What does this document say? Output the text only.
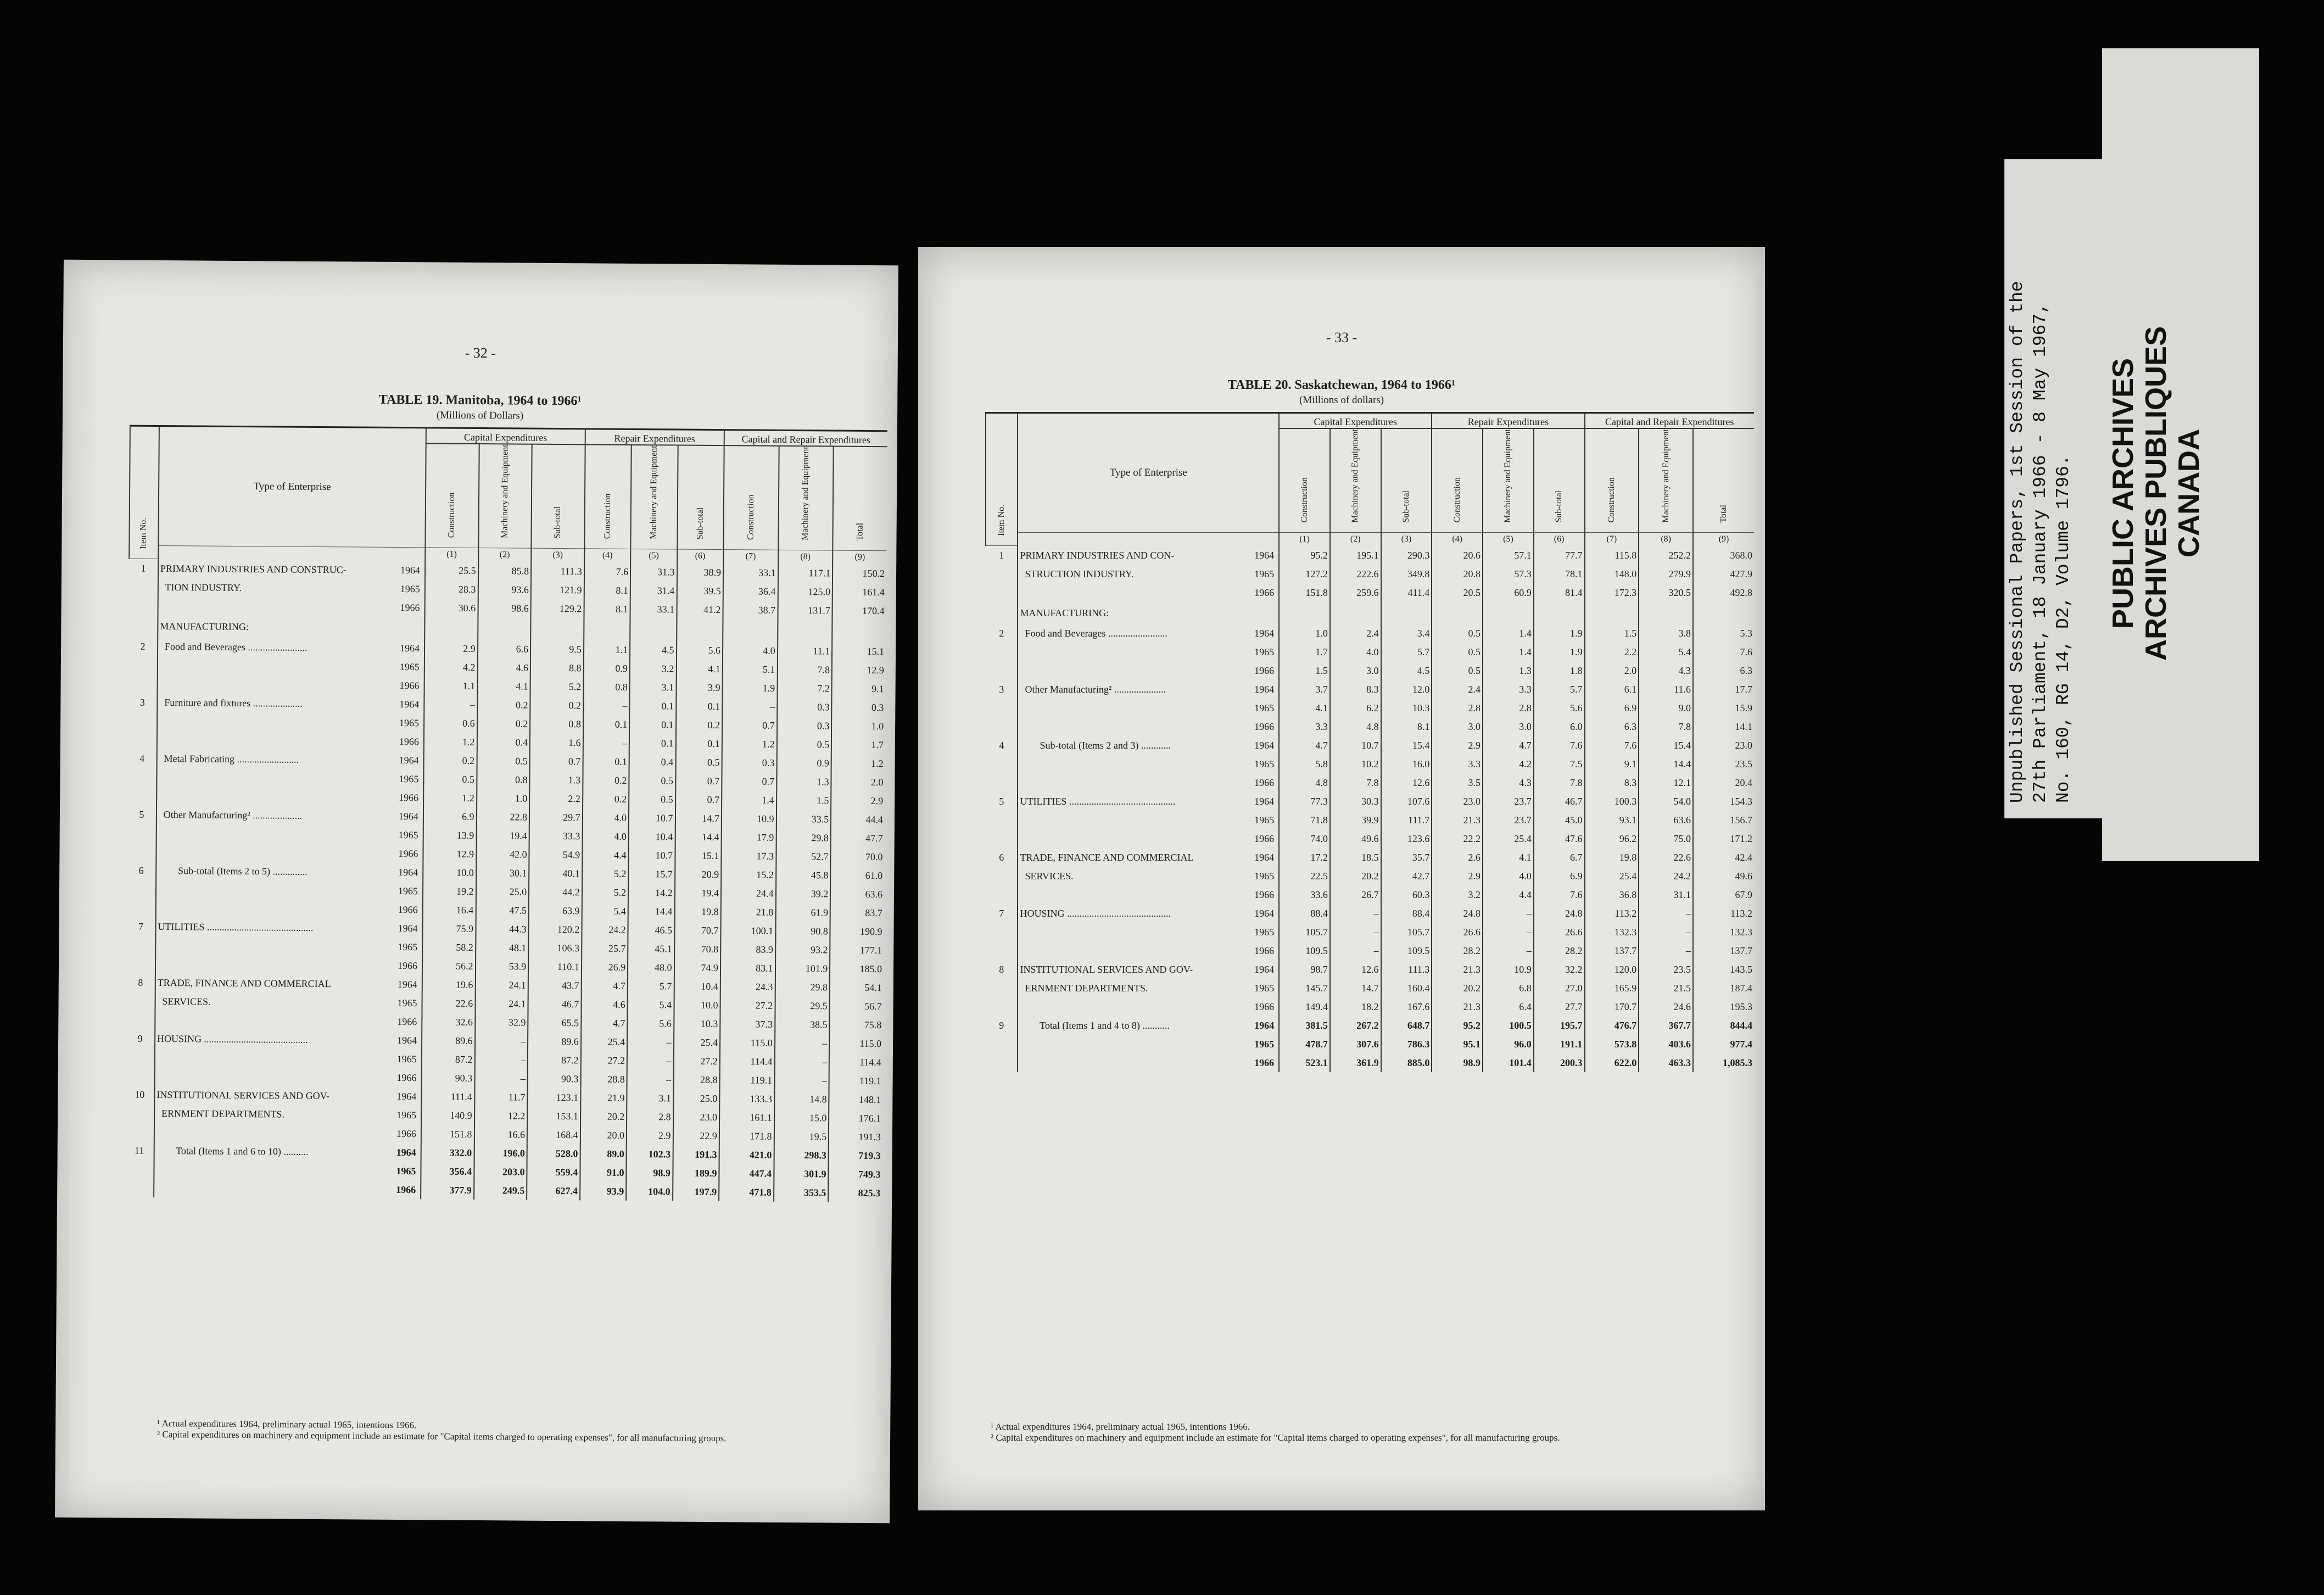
- 32 -
TABLE 19. Manitoba, 1964 to 1966¹
(Millions of Dollars)
Item No.	Type of Enterprise		Capital Expenditures			Repair Expenditures			Capital and Repair Expenditures		
			Construction	Machinery and Equipment	Sub-total	Construction	Machinery and Equipment	Sub-total	Construction	Machinery and Equipment	Total
			(1)	(2)	(3)	(4)	(5)	(6)	(7)	(8)	(9)

1	PRIMARY INDUSTRIES AND CONSTRUC-	1964	25.5	85.8	111.3	7.6	31.3	38.9	33.1	117.1	150.2
	TION INDUSTRY.	1965	28.3	93.6	121.9	8.1	31.4	39.5	36.4	125.0	161.4
		1966	30.6	98.6	129.2	8.1	33.1	41.2	38.7	131.7	170.4
	MANUFACTURING:										

2	Food and Beverages ........................	1964	2.9	6.6	9.5	1.1	4.5	5.6	4.0	11.1	15.1
		1965	4.2	4.6	8.8	0.9	3.2	4.1	5.1	7.8	12.9
		1966	1.1	4.1	5.2	0.8	3.1	3.9	1.9	7.2	9.1

3	Furniture and fixtures ....................	1964	–	0.2	0.2	–	0.1	0.1	–	0.3	0.3
		1965	0.6	0.2	0.8	0.1	0.1	0.2	0.7	0.3	1.0
		1966	1.2	0.4	1.6	–	0.1	0.1	1.2	0.5	1.7

4	Metal Fabricating .........................	1964	0.2	0.5	0.7	0.1	0.4	0.5	0.3	0.9	1.2
		1965	0.5	0.8	1.3	0.2	0.5	0.7	0.7	1.3	2.0
		1966	1.2	1.0	2.2	0.2	0.5	0.7	1.4	1.5	2.9

5	Other Manufacturing² ....................	1964	6.9	22.8	29.7	4.0	10.7	14.7	10.9	33.5	44.4
		1965	13.9	19.4	33.3	4.0	10.4	14.4	17.9	29.8	47.7
		1966	12.9	42.0	54.9	4.4	10.7	15.1	17.3	52.7	70.0

6	Sub-total (Items 2 to 5) ..............	1964	10.0	30.1	40.1	5.2	15.7	20.9	15.2	45.8	61.0
		1965	19.2	25.0	44.2	5.2	14.2	19.4	24.4	39.2	63.6
		1966	16.4	47.5	63.9	5.4	14.4	19.8	21.8	61.9	83.7

7	UTILITIES ...........................................	1964	75.9	44.3	120.2	24.2	46.5	70.7	100.1	90.8	190.9
		1965	58.2	48.1	106.3	25.7	45.1	70.8	83.9	93.2	177.1
		1966	56.2	53.9	110.1	26.9	48.0	74.9	83.1	101.9	185.0

8	TRADE, FINANCE AND COMMERCIAL	1964	19.6	24.1	43.7	4.7	5.7	10.4	24.3	29.8	54.1
	SERVICES.	1965	22.6	24.1	46.7	4.6	5.4	10.0	27.2	29.5	56.7
		1966	32.6	32.9	65.5	4.7	5.6	10.3	37.3	38.5	75.8

9	HOUSING ..........................................	1964	89.6	–	89.6	25.4	–	25.4	115.0	–	115.0
		1965	87.2	–	87.2	27.2	–	27.2	114.4	–	114.4
		1966	90.3	–	90.3	28.8	–	28.8	119.1	–	119.1

10	INSTITUTIONAL SERVICES AND GOV-	1964	111.4	11.7	123.1	21.9	3.1	25.0	133.3	14.8	148.1
	ERNMENT DEPARTMENTS.	1965	140.9	12.2	153.1	20.2	2.8	23.0	161.1	15.0	176.1
		1966	151.8	16.6	168.4	20.0	2.9	22.9	171.8	19.5	191.3

11	Total (Items 1 and 6 to 10) ..........	1964	332.0	196.0	528.0	89.0	102.3	191.3	421.0	298.3	719.3
		1965	356.4	203.0	559.4	91.0	98.9	189.9	447.4	301.9	749.3
		1966	377.9	249.5	627.4	93.9	104.0	197.9	471.8	353.5	825.3
¹ Actual expenditures 1964, preliminary actual 1965, intentions 1966.
² Capital expenditures on machinery and equipment include an estimate for "Capital items charged to operating expenses", for all manufacturing groups.
- 33 -
TABLE 20. Saskatchewan, 1964 to 1966¹
(Millions of dollars)
Item No.	Type of Enterprise		Capital Expenditures			Repair Expenditures			Capital and Repair Expenditures		
			Construction	Machinery and Equipment	Sub-total	Construction	Machinery and Equipment	Sub-total	Construction	Machinery and Equipment	Total
			(1)	(2)	(3)	(4)	(5)	(6)	(7)	(8)	(9)

1	PRIMARY INDUSTRIES AND CON-	1964	95.2	195.1	290.3	20.6	57.1	77.7	115.8	252.2	368.0
	STRUCTION INDUSTRY.	1965	127.2	222.6	349.8	20.8	57.3	78.1	148.0	279.9	427.9
		1966	151.8	259.6	411.4	20.5	60.9	81.4	172.3	320.5	492.8
	MANUFACTURING:										

2	Food and Beverages ........................	1964	1.0	2.4	3.4	0.5	1.4	1.9	1.5	3.8	5.3
		1965	1.7	4.0	5.7	0.5	1.4	1.9	2.2	5.4	7.6
		1966	1.5	3.0	4.5	0.5	1.3	1.8	2.0	4.3	6.3

3	Other Manufacturing² .....................	1964	3.7	8.3	12.0	2.4	3.3	5.7	6.1	11.6	17.7
		1965	4.1	6.2	10.3	2.8	2.8	5.6	6.9	9.0	15.9
		1966	3.3	4.8	8.1	3.0	3.0	6.0	6.3	7.8	14.1

4	Sub-total (Items 2 and 3) ............	1964	4.7	10.7	15.4	2.9	4.7	7.6	7.6	15.4	23.0
		1965	5.8	10.2	16.0	3.3	4.2	7.5	9.1	14.4	23.5
		1966	4.8	7.8	12.6	3.5	4.3	7.8	8.3	12.1	20.4

5	UTILITIES ...........................................	1964	77.3	30.3	107.6	23.0	23.7	46.7	100.3	54.0	154.3
		1965	71.8	39.9	111.7	21.3	23.7	45.0	93.1	63.6	156.7
		1966	74.0	49.6	123.6	22.2	25.4	47.6	96.2	75.0	171.2

6	TRADE, FINANCE AND COMMERCIAL	1964	17.2	18.5	35.7	2.6	4.1	6.7	19.8	22.6	42.4
	SERVICES.	1965	22.5	20.2	42.7	2.9	4.0	6.9	25.4	24.2	49.6
		1966	33.6	26.7	60.3	3.2	4.4	7.6	36.8	31.1	67.9

7	HOUSING ..........................................	1964	88.4	–	88.4	24.8	–	24.8	113.2	–	113.2
		1965	105.7	–	105.7	26.6	–	26.6	132.3	–	132.3
		1966	109.5	–	109.5	28.2	–	28.2	137.7	–	137.7

8	INSTITUTIONAL SERVICES AND GOV-	1964	98.7	12.6	111.3	21.3	10.9	32.2	120.0	23.5	143.5
	ERNMENT DEPARTMENTS.	1965	145.7	14.7	160.4	20.2	6.8	27.0	165.9	21.5	187.4
		1966	149.4	18.2	167.6	21.3	6.4	27.7	170.7	24.6	195.3

9	Total (Items 1 and 4 to 8) ...........	1964	381.5	267.2	648.7	95.2	100.5	195.7	476.7	367.7	844.4
		1965	478.7	307.6	786.3	95.1	96.0	191.1	573.8	403.6	977.4
		1966	523.1	361.9	885.0	98.9	101.4	200.3	622.0	463.3	1,085.3
¹ Actual expenditures 1964, preliminary actual 1965, intentions 1966.
² Capital expenditures on machinery and equipment include an estimate for "Capital items charged to operating expenses", for all manufacturing groups.
Unpublished Sessional Papers, 1st Session of the 27th Parliament, 18 January 1966 - 8 May 1967, No. 160, RG 14, D2, Volume 1796. PUBLIC ARCHIVES ARCHIVES PUBLIQUES CANADA
